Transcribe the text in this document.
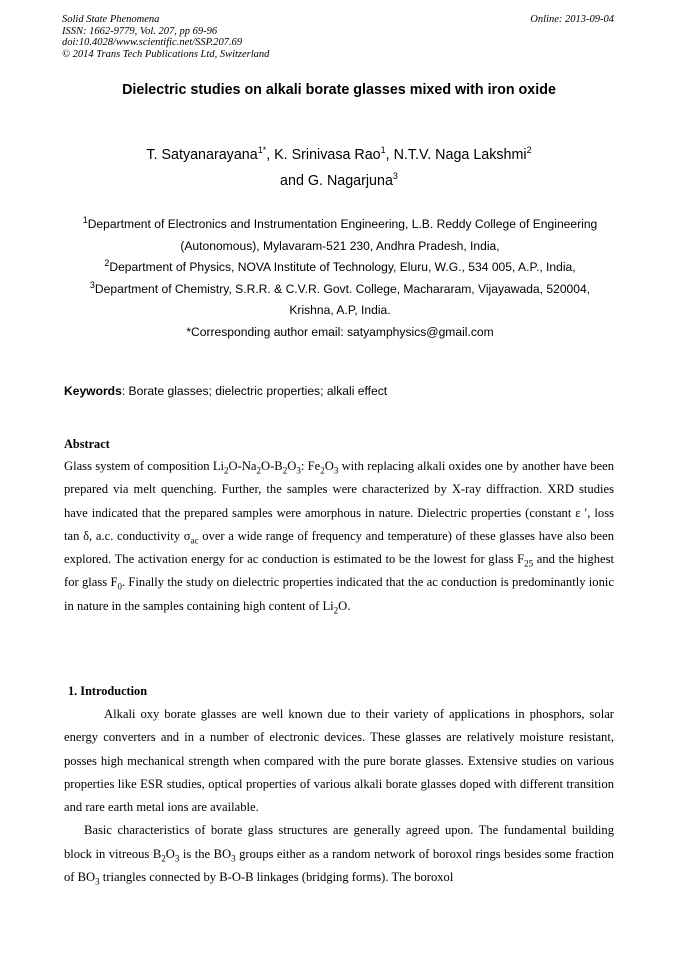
Solid State Phenomena
ISSN: 1662-9779, Vol. 207, pp 69-96
doi:10.4028/www.scientific.net/SSP.207.69
© 2014 Trans Tech Publications Ltd, Switzerland
Online: 2013-09-04
Dielectric studies on alkali borate glasses mixed with iron oxide
T. Satyanarayana$^{1*}$, K. Srinivasa Rao$^1$, N.T.V. Naga Lakshmi$^2$
and G. Nagarjuna$^3$
$^1$Department of Electronics and Instrumentation Engineering, L.B. Reddy College of Engineering
(Autonomous), Mylavaram-521 230, Andhra Pradesh, India,
$^2$Department of Physics, NOVA Institute of Technology, Eluru, W.G., 534 005, A.P., India,
$^3$Department of Chemistry, S.R.R. & C.V.R. Govt. College, Machararam, Vijayawada, 520004,
Krishna, A.P, India.
*Corresponding author email: satyamphysics@gmail.com
Keywords: Borate glasses; dielectric properties; alkali effect
Abstract

Glass system of composition $Li_2O-Na_2O-B_2O_3$: $Fe_2O_3$ with replacing alkali oxides one by another have been prepared via melt quenching. Further, the samples were characterized by X-ray diffraction. XRD studies have indicated that the prepared samples were amorphous in nature. Dielectric properties (constant ε ′, loss tan δ, a.c. conductivity $\sigma_{ac}$ over a wide range of frequency and temperature) of these glasses have also been explored. The activation energy for ac conduction is estimated to be the lowest for glass $F_{25}$ and the highest for glass $F_0$. Finally the study on dielectric properties indicated that the ac conduction is predominantly ionic in nature in the samples containing high content of $Li_2O$.

1. Introduction

Alkali oxy borate glasses are well known due to their variety of applications in phosphors, solar energy converters and in a number of electronic devices. These glasses are relatively moisture resistant, posses high mechanical strength when compared with the pure borate glasses. Extensive studies on various properties like ESR studies, optical properties of various alkali borate glasses doped with different transition and rare earth metal ions are available.

Basic characteristics of borate glass structures are generally agreed upon. The fundamental building block in vitreous $B_2O_3$ is the $BO_3$ groups either as a random network of boroxol rings besides some fraction of $BO_3$ triangles connected by B-O-B linkages (bridging forms). The boroxol
